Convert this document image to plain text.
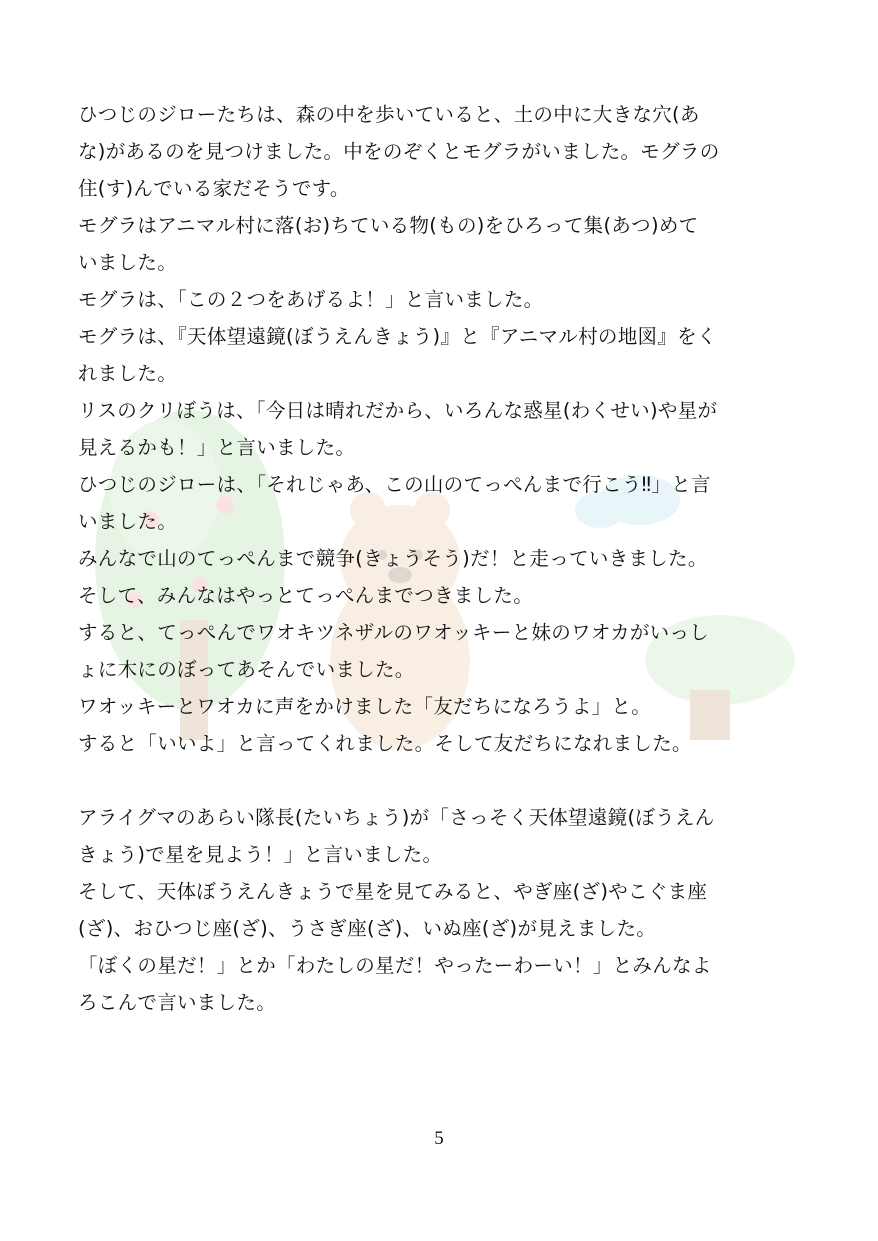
ひつじのジローたちは、森の中を歩いていると、土の中に大きな穴(あ
な)があるのを見つけました。中をのぞくとモグラがいました。モグラの
住(す)んでいる家だそうです。
モグラはアニマル村に落(お)ちている物(もの)をひろって集(あつ)めて
いました。
モグラは、「この２つをあげるよ！」と言いました。
モグラは、『天体望遠鏡(ぼうえんきょう)』と『アニマル村の地図』をく
れました。
リスのクリぼうは、「今日は晴れだから、いろんな惑星(わくせい)や星が
見えるかも！」と言いました。
ひつじのジローは、「それじゃあ、この山のてっぺんまで行こう‼」と言
いました。
みんなで山のてっぺんまで競争(きょうそう)だ！と走っていきました。
そして、みんなはやっとてっぺんまでつきました。
すると、てっぺんでワオキツネザルのワオッキーと妹のワオカがいっし
ょに木にのぼってあそんでいました。
ワオッキーとワオカに声をかけました「友だちになろうよ」と。
すると「いいよ」と言ってくれました。そして友だちになれました。
アライグマのあらい隊長(たいちょう)が「さっそく天体望遠鏡(ぼうえん
きょう)で星を見よう！」と言いました。
そして、天体ぼうえんきょうで星を見てみると、やぎ座(ざ)やこぐま座
(ざ)、おひつじ座(ざ)、うさぎ座(ざ)、いぬ座(ざ)が見えました。
「ぼくの星だ！」とか「わたしの星だ！やったーわーい！」とみんなよ
ろこんで言いました。
5
